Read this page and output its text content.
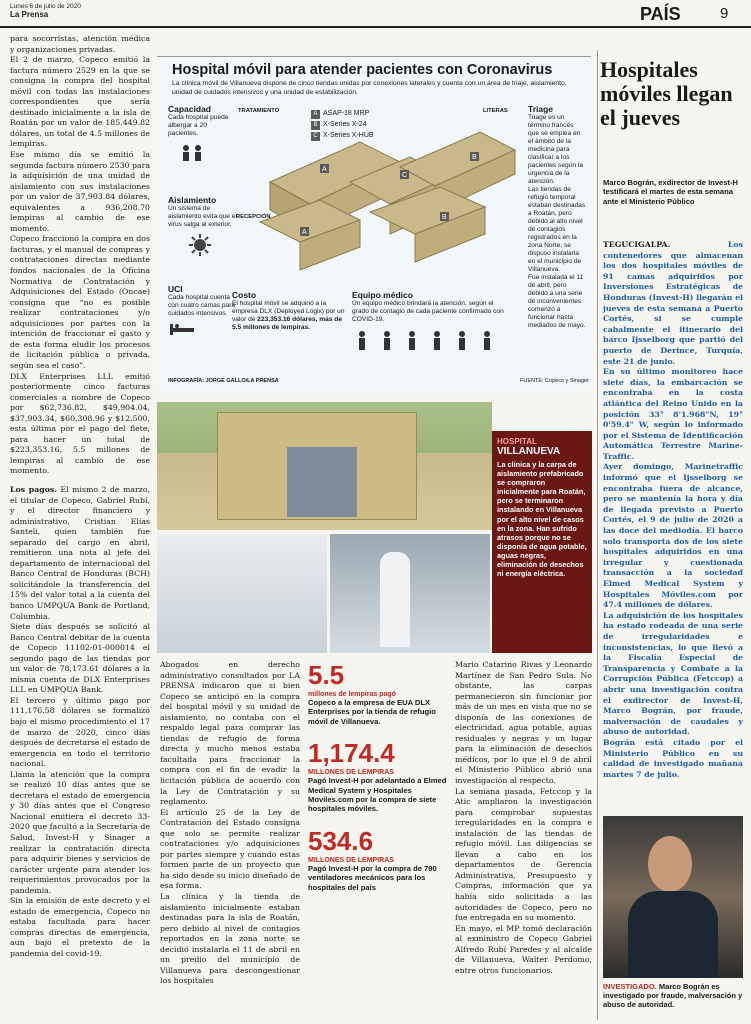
Lunes 6 de julio de 2020
La Prensa	PAÍS	9

para socorristas, atención médica y organizaciones privadas.

El 2 de marzo, Copeco emitió la factura número 2529 en la que se consigna la compra del hospital móvil con todas las instalaciones correspondientes que sería destinado inicialmente a la isla de Roatán por un valor de 185,449.82 dólares, un total de 4.5 millones de lempiras.

Ese mismo día se emitió la segunda factura número 2530 para la adquisición de una unidad de aislamiento con sus instalaciones por un valor de 37,903.84 dólares, equivalentes a 936,208.70 lempiras al cambio de ese momento.

Copeco fraccionó la compra en dos facturas, y el manual de compras y contrataciones directas mediante fondos nacionales de la Oficina Normativa de Contratación y Adquisiciones del Estado (Oncae) consigna que “no es posible realizar contrataciones y/o adquisiciones por partes con la intención de fraccionar el gasto y de esta forma eludir los procesos de licitación pública o privada, según sea el caso”.

DLX Enterprises LLL emitió posteriormente cinco facturas comerciales a nombre de Copeco por $62,736.82, $49,904.04, $37,903.34, $60,308.96 y $12,500, esta última por el pago del flete, para hacer un total de $223,353.16, 5.5 millones de lempiras al cambio de ese momento.

Los pagos. El mismo 2 de marzo, el titular de Copeco, Gabriel Rubí, y el director financiero y administrativo, Cristian Elías Santeli, quien también fue separado del cargo en abril, remitieron una nota al jefe del departamento de internacional del Banco Central de Honduras (BCH) solicitándole la transferencia del 15% del valor total a la cuenta del banco UMPQUA Bank de Portland, Columbia.

Siete días después se solicitó al Banco Central debitar de la cuenta de Copeco 11102-01-000014 el segundo pago de las tiendas por un valor de 78,173.61 dólares a la misma cuenta de DLX Enterprises LLL en UMPQUA Bank.

El tercero y último pago por 111,176.58 dólares se formalizó bajo el mismo procedimiento el 17 de marzo de 2020, cinco días después de decretarse el estado de emergencia en todo el territorio nacional.

Llama la atención que la compra se realizó 10 días antes que se decretara el estado de emergencia y 30 días antes que el Congreso Nacional emitiera el decreto 33-2020 que facultó a la Secretaría de Salud, Invest-H y Sinager a realizar la contratación directa para adquirir bienes y servicios de carácter urgente para atender los requerimientos provocados por la pandemia.

Sin la emisión de este decreto y el estado de emergencia, Copeco no estaba facultada para hacer compras directas de emergencia, aun bajo el pretexto de la pandemia del covid-19.

Hospital móvil para atender pacientes con Coronavirus
La clínica móvil de Villanueva dispone de cinco tiendas unidas por conexiones laterales y cuenta con un área de triaje, aislamiento, unidad de cuidados intensivos y una unidad de estabilización.
Capacidad
Cada hospital puede albergar a 20 pacientes.
Aislamiento
Un sistema de aislamiento evita que el virus salga al exterior.
UCI
Cada hospital cuenta con cuatro camas para cuidados intensivos.
A
C
B
B
A
TRATAMIENTO	LITERAS
RECEPCIÓN
A ASAP-18 MRP
B X-Series X-24
C X-Series X-HUB
Triage
Triage es un término francés que se emplea en el ámbito de la medicina para clasificar a los pacientes según la urgencia de la atención.
Las tiendas de refugio temporal estaban destinadas a Roatán, pero debido al alto nivel de contagios registrados en la zona Norte, se dispuso instalarla en el municipio de Villanueva.
Fue instalada el 11 de abril, pero debido a una serie de inconvenientes comenzó a funcionar hasta mediados de mayo.
Costo
El hospital móvil se adquirió a la empresa DLX (Deployed Logix) por un valor de 223,353.16 dólares, más de 5.5 millones de lempiras.
Equipo médico
Un equipo médico brindará la atención, según el grado de contagio de cada paciente confirmado con COVID-19.
INFOGRAFÍA: JORGE GALLO/LA PRENSA	FUENTE: Copeco y Sinager
HOSPITAL
VILLANUEVA
La clínica y la carpa de aislamiento prefabricado se compraron inicialmente para Roatán, pero se terminaron instalando en Villanueva por el alto nivel de casos en la zona. Han sufrido atrasos porque no se disponía de agua potable, aguas negras, eliminación de desechos ni energía eléctrica.

Abogados en derecho administrativo consultados por LA PRENSA indicaron que si bien Copeco se anticipó en la compra del hospital móvil y su unidad de aislamiento, no contaba con el respaldo legal para comprar las tiendas de refugio de forma directa y mucho menos estaba facultada para fraccionar la compra con el fin de evadir la licitación pública de acuerdo con la Ley de Contratación y su reglamento.

El artículo 25 de la Ley de Contratación del Estado consigna que solo se permite realizar contrataciones y/o adquisiciones por partes siempre y cuando estas formen parte de un proyecto que ha sido desde su inicio diseñado de esa forma.

La clínica y la tienda de aislamiento inicialmente estaban destinadas para la isla de Roatán, pero debido al nivel de contagios reportados en la zona norte se decidió instalarla el 11 de abril en un predio del municipio de Villanueva para descongestionar los hospitales

5.5
millones de lempiras pagó
Copeco a la empresa de EUA DLX Enterprises por la tienda de refugio móvil de Villanueva.
1,174.4
MILLONES DE LEMPIRAS
Pagó Invest-H por adelantado a Elmed Medical System y Hospitales Moviles.com por la compra de siete hospitales móviles.
534.6
MILLONES DE LEMPIRAS
Pagó Invest-H por la compra de 790 ventiladores mecánicos para los hospitales del país

Mario Catarino Rivas y Leonardo Martínez de San Pedro Sula. No obstante, las carpas permanecieron sin funcionar por más de un mes en vista que no se disponía de las conexiones de electricidad, agua potable, aguas residuales y negras y un lugar para la eliminación de desechos médicos, por lo que el 9 de abril el Ministerio Público abrió una investigación al respecto.

La semana pasada, Fetccop y la Atic ampliaron la investigación para comprobar supuestas irregularidades en la compra e instalación de las tiendas de refugio móvil. Las diligencias se llevan a cabo en los departamentos de Gerencia Administrativa, Presupuesto y Compras, información que ya había sido solicitada a las autoridades de Copeco, pero no fue entregada en su momento.

En mayo, el MP tomó declaración al exministro de Copeco Gabriel Alfredo Rubí Paredes y al alcalde de Villanueva, Walter Perdomo, entre otros funcionarios.

Hospitales móviles llegan el jueves
Marco Bográn, exdirector de Invest-H testificará el martes de esta semana ante el Ministerio Público

TEGUCIGALPA. Los contenedores que almacenan los dos hospitales móviles de 91 camas adquiridos por Inversiones Estratégicas de Honduras (Invest-H) llegarán el jueves de esta semana a Puerto Cortés, si se cumple cabalmente el itinerario del barco Ijsselborg que partió del puerto de Derince, Turquía, este 21 de junio.

En su último monitoreo hace siete días, la embarcación se encontraba en la costa atlántica del Reino Unido en la posición 33° 8'1.968"N, 19° 0'59.4" W, según lo informado por el Sistema de Identificación Automática Terrestre Marine-Traffic.

Ayer domingo, Marinetraffic informó que el Ijsselborg se encontraba fuera de alcance, pero se mantenía la hora y día de llegada previsto a Puerto Cortés, el 9 de julio de 2020 a las doce del mediodía. El barco solo transporta dos de los siete hospitales adquiridos en una irregular y cuestionada transacción a la sociedad Elmed Medical System y Hospitales Móviles.com por 47.4 millones de dólares.

La adquisición de los hospitales ha estado rodeada de una serie de irregularidades e inconsistencias, lo que llevó a la Fiscalía Especial de Transparencia y Combate a la Corrupción Pública (Fetccop) a abrir una investigación contra el exdirector de Invest-H, Marco Bográn, por fraude, malversación de caudales y abuso de autoridad.

Bográn está citado por el Ministerio Público en su calidad de investigado mañana martes 7 de julio.

INVESTIGADO. Marco Bográn es investigado por fraude, malversación y abuso de autoridad.
